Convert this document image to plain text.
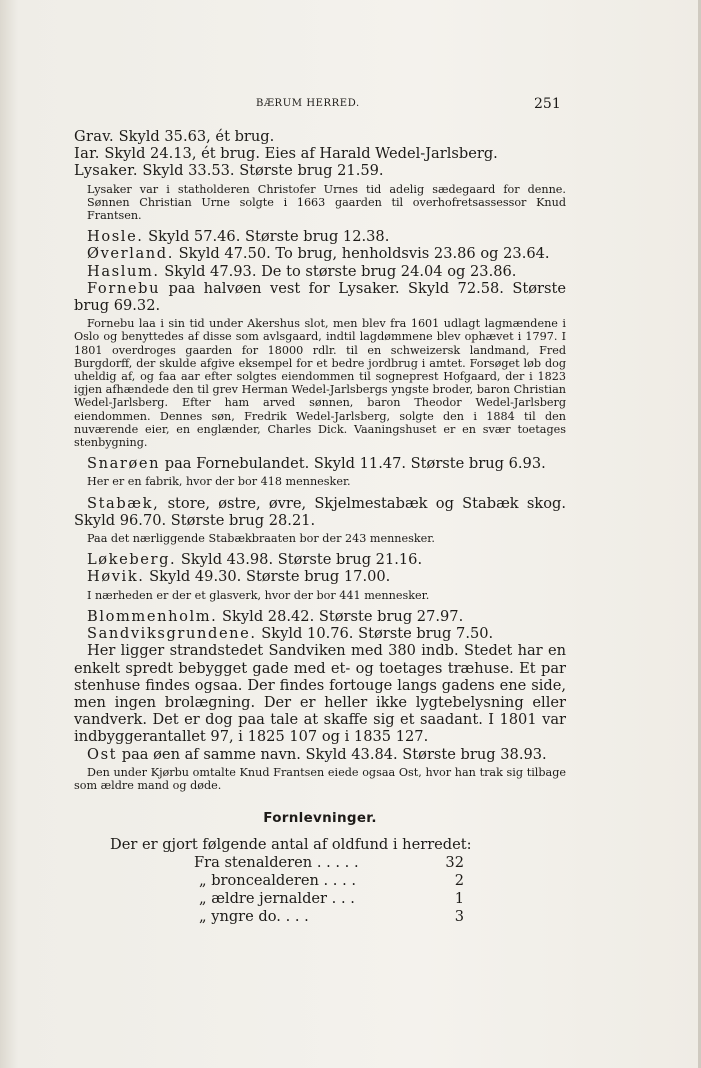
BÆRUM HERRED.	251

Grav. Skyld 35.63, ét brug.

Iar. Skyld 24.13, ét brug. Eies af Harald Wedel-Jarlsberg.

Lysaker. Skyld 33.53. Største brug 21.59.

Lysaker var i statholderen Christofer Urnes tid adelig sædegaard for denne. Sønnen Christian Urne solgte i 1663 gaarden til overhofretsassessor Knud Frantsen.

Hosle. Skyld 57.46. Største brug 12.38.

Øverland. Skyld 47.50. To brug, henholdsvis 23.86 og 23.64.

Haslum. Skyld 47.93. De to største brug 24.04 og 23.86.

Fornebu paa halvøen vest for Lysaker. Skyld 72.58. Største brug 69.32.

Fornebu laa i sin tid under Akershus slot, men blev fra 1601 udlagt lagmændene i Oslo og benyttedes af disse som avlsgaard, indtil lagdømmene blev ophævet i 1797. I 1801 overdroges gaarden for 18000 rdlr. til en schweizersk landmand, Fred Burgdorff, der skulde afgive eksempel for et bedre jordbrug i amtet. Forsøget løb dog uheldig af, og faa aar efter solgtes eiendommen til sogneprest Hofgaard, der i 1823 igjen afhændede den til grev Herman Wedel-Jarlsbergs yngste broder, baron Christian Wedel-Jarlsberg. Efter ham arved sønnen, baron Theodor Wedel-Jarlsberg eiendommen. Dennes søn, Fredrik Wedel-Jarlsberg, solgte den i 1884 til den nuværende eier, en englænder, Charles Dick. Vaaningshuset er en svær toetages stenbygning.

Snarøen paa Fornebulandet. Skyld 11.47. Største brug 6.93.

Her er en fabrik, hvor der bor 418 mennesker.

Stabæk, store, østre, øvre, Skjelmestabæk og Stabæk skog. Skyld 96.70. Største brug 28.21.

Paa det nærliggende Stabækbraaten bor der 243 mennesker.

Løkeberg. Skyld 43.98. Største brug 21.16.

Høvik. Skyld 49.30. Største brug 17.00.

I nærheden er der et glasverk, hvor der bor 441 mennesker.

Blommenholm. Skyld 28.42. Største brug 27.97.

Sandviksgrundene. Skyld 10.76. Største brug 7.50.

Her ligger strandstedet Sandviken med 380 indb. Stedet har en enkelt spredt bebygget gade med et- og toetages træhuse. Et par stenhuse findes ogsaa. Der findes fortouge langs gadens ene side, men ingen brolægning. Der er heller ikke lygtebelysning eller vandverk. Det er dog paa tale at skaffe sig et saadant. I 1801 var indbyggerantallet 97, i 1825 107 og i 1835 127.

Ost paa øen af samme navn. Skyld 43.84. Største brug 38.93.

Den under Kjørbu omtalte Knud Frantsen eiede ogsaa Ost, hvor han trak sig tilbage som ældre mand og døde.

Fornlevninger.

Der er gjort følgende antal af oldfund i herredet:

Fra stenalderen . . . . .	32
„ broncealderen . . . .	2
„ ældre jernalder . . .	1
„ yngre do. . . .	3
